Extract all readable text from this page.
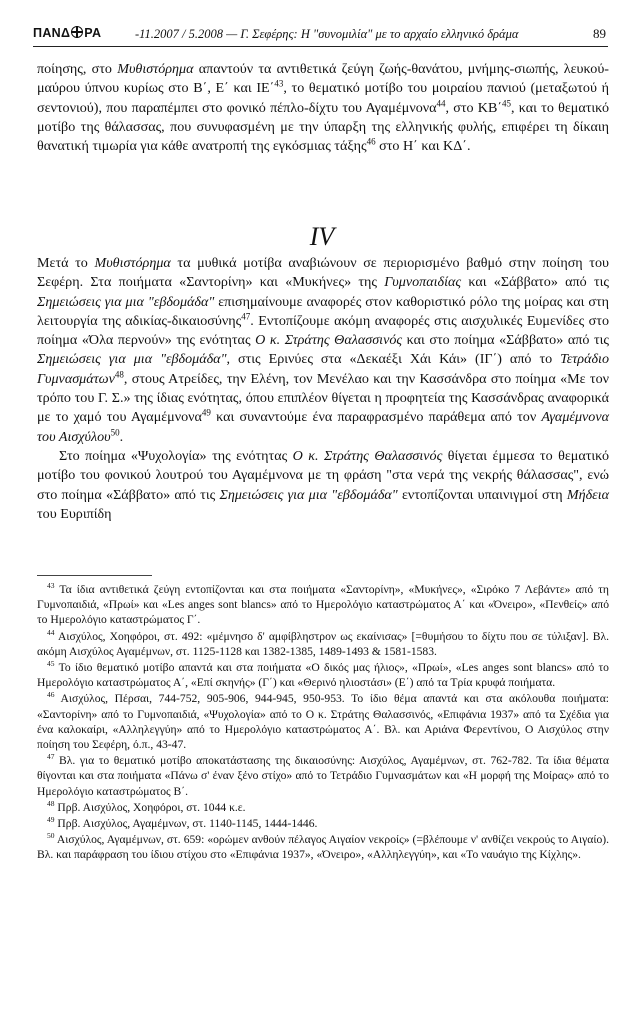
ΠΑΝΔ ΡΑ	-11.2007 / 5.2008 — Γ. Σεφέρης: Η "συνομιλία" με το αρχαίο ελληνικό δράμα	89

ποίησης, στο Μυθιστόρημα απαντούν τα αντιθετικά ζεύγη ζωής-θανάτου, μνήμης-σιωπής, λευκού-μαύρου ύπνου κυρίως στο Β΄, Ε΄ και ΙΕ΄$^{43}$, το θεματικό μοτίβο του μοιραίου πανιού (μεταξωτού ή σεντονιού), που παραπέμπει στο φονικό πέπλο-δίχτυ του Αγαμέμνονα$^{44}$, στο ΚΒ΄$^{45}$, και το θεματικό μοτίβο της θάλασσας, που συνυφασμένη με την ύπαρξη της ελληνικής φυλής, επιφέρει τη δίκαιη θανατική τιμωρία για κάθε ανατροπή της εγκόσμιας τάξης$^{46}$ στο Η΄ και ΚΔ΄.

IV

Μετά το Μυθιστόρημα τα μυθικά μοτίβα αναβιώνουν σε περιορισμένο βαθμό στην ποίηση του Σεφέρη. Στα ποιήματα «Σαντορίνη» και «Μυκήνες» της Γυμνοπαιδίας και «Σάββατο» από τις Σημειώσεις για μια "εβδομάδα" επισημαίνουμε αναφορές στον καθοριστικό ρόλο της μοίρας και στη λειτουργία της αδικίας-δικαιοσύνης$^{47}$. Εντοπίζουμε ακόμη αναφορές στις αισχυλικές Ευμενίδες στο ποίημα «Όλα περνούν» της ενότητας Ο κ. Στράτης Θαλασσινός και στο ποίημα «Σάββατο» από τις Σημειώσεις για μια "εβδομάδα", στις Ερινύες στα «Δεκαέξι Χάι Κάι» (ΙΓ΄) από το Τετράδιο Γυμνασμάτων$^{48}$, στους Ατρείδες, την Ελένη, τον Μενέλαο και την Κασσάνδρα στο ποίημα «Με τον τρόπο του Γ. Σ.» της ίδιας ενότητας, όπου επιπλέον θίγεται η προφητεία της Κασσάνδρας αναφορικά με το χαμό του Αγαμέμνονα$^{49}$ και συναντούμε ένα παραφρασμένο παράθεμα από τον Αγαμέμνονα του Αισχύλου$^{50}$.

Στο ποίημα «Ψυχολογία» της ενότητας Ο κ. Στράτης Θαλασσινός θίγεται έμμεσα το θεματικό μοτίβο του φονικού λουτρού του Αγαμέμνονα με τη φράση "στα νερά της νεκρής θάλασσας", ενώ στο ποίημα «Σάββατο» από τις Σημειώσεις για μια "εβδομάδα" εντοπίζονται υπαινιγμοί στη Μήδεια του Ευριπίδη

$^{43}$ Τα ίδια αντιθετικά ζεύγη εντοπίζονται και στα ποιήματα «Σαντορίνη», «Μυκήνες», «Σιρόκο 7 Λεβάντε» από τη Γυμνοπαιδιά, «Πρωί» και «Les anges sont blancs» από το Ημερολόγιο καταστρώματος Α΄ και «Όνειρο», «Πενθείς» από το Ημερολόγιο καταστρώματος Γ΄.

$^{44}$ Αισχύλος, Χοηφόροι, στ. 492: «μέμνησο δ' αμφίβληστρον ως εκαίνισας» [=θυμήσου το δίχτυ που σε τύλιξαν]. Βλ. ακόμη Αισχύλος Αγαμέμνων, στ. 1125-1128 και 1382-1385, 1489-1493 & 1581-1583.

$^{45}$ Το ίδιο θεματικό μοτίβο απαντά και στα ποιήματα «Ο δικός μας ήλιος», «Πρωί», «Les anges sont blancs» από το Ημερολόγιο καταστρώματος Α΄, «Επί σκηνής» (Γ΄) και «Θερινό ηλιοστάσι» (Ε΄) από τα Τρία κρυφά ποιήματα.

$^{46}$ Αισχύλος, Πέρσαι, 744-752, 905-906, 944-945, 950-953. Το ίδιο θέμα απαντά και στα ακόλουθα ποιήματα: «Σαντορίνη» από το Γυμνοπαιδιά, «Ψυχολογία» από το Ο κ. Στράτης Θαλασσινός, «Επιφάνια 1937» από τα Σχέδια για ένα καλοκαίρι, «Αλληλεγγύη» από το Ημερολόγιο καταστρώματος Α΄. Βλ. και Αριάνα Φερεντίνου, Ο Αισχύλος στην ποίηση του Σεφέρη, ό.π., 43-47.

$^{47}$ Βλ. για το θεματικό μοτίβο αποκατάστασης της δικαιοσύνης: Αισχύλος, Αγαμέμνων, στ. 762-782. Τα ίδια θέματα θίγονται και στα ποιήματα «Πάνω σ' έναν ξένο στίχο» από το Τετράδιο Γυμνασμάτων και «Η μορφή της Μοίρας» από το Ημερολόγιο καταστρώματος Β΄.

$^{48}$ Πρβ. Αισχύλος, Χοηφόροι, στ. 1044 κ.ε.

$^{49}$ Πρβ. Αισχύλος, Αγαμέμνων, στ. 1140-1145, 1444-1446.

$^{50}$ Αισχύλος, Αγαμέμνων, στ. 659: «ορώμεν ανθούν πέλαγος Αιγαίον νεκροίς» (=βλέπουμε ν' ανθίζει νεκρούς το Αιγαίο). Βλ. και παράφραση του ίδιου στίχου στο «Επιφάνια 1937», «Όνειρο», «Αλληλεγγύη», και «Το ναυάγιο της Κίχλης».
